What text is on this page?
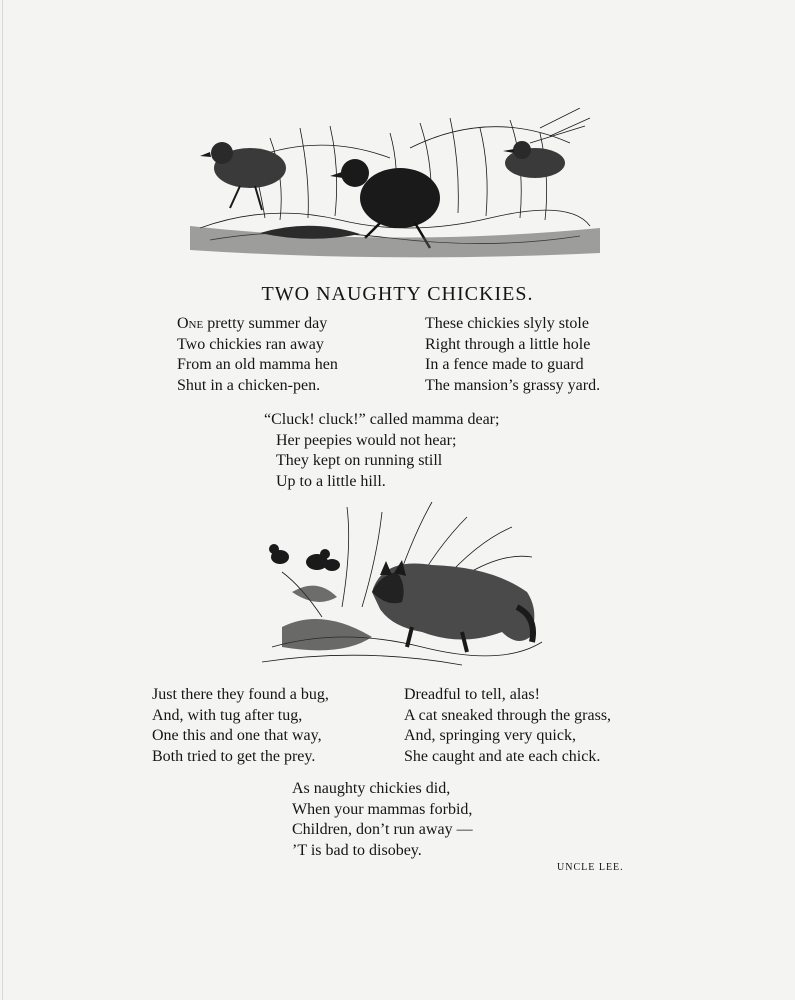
TWO NAUGHTY CHICKIES.
One pretty summer day
Two chickies ran away
From an old mamma hen
Shut in a chicken-pen.
These chickies slyly stole
Right through a little hole
In a fence made to guard
The mansion’s grassy yard.
“Cluck! cluck!” called mamma dear;
Her peepies would not hear;
They kept on running still
Up to a little hill.
Just there they found a bug,
And, with tug after tug,
One this and one that way,
Both tried to get the prey.
Dreadful to tell, alas!
A cat sneaked through the grass,
And, springing very quick,
She caught and ate each chick.
As naughty chickies did,
When your mammas forbid,
Children, don’t run away —
’T is bad to disobey.
UNCLE LEE.
